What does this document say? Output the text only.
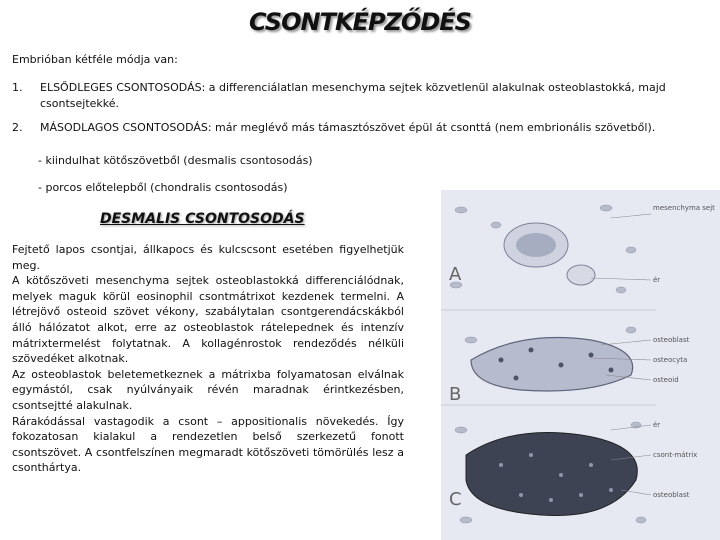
CSONTKÉPZŐDÉS
Embrióban kétféle módja van:
1. ELSŐDLEGES CSONTOSODÁS: a differenciálatlan mesenchyma sejtek közvetlenül alakulnak osteoblastokká, majd csontsejtekké.
2. MÁSODLAGOS CSONTOSODÁS: már meglévő más támasztószövet épül át csonttá (nem embrionális szövetből).
- kiindulhat kötőszövetből (desmalis csontosodás)
- porcos előtelepből (chondralis csontosodás)
DESMALIS CSONTOSODÁS

Fejtető lapos csontjai, állkapocs és kulcscsont esetében figyelhetjük meg.

A kötőszöveti mesenchyma sejtek osteoblastokká differenciálódnak, melyek maguk körül eosinophil csontmátrixot kezdenek termelni. A létrejövő osteoid szövet vékony, szabálytalan csontgerendácskákból álló hálózatot alkot, erre az osteoblastok rátelepednek és intenzív mátrixtermelést folytatnak. A kollagénrostok rendeződés nélküli szövedéket alkotnak.

Az osteoblastok beletemetkeznek a mátrixba folyamatosan elválnak egymástól, csak nyúlványaik révén maradnak érintkezésben, csontsejtté alakulnak.

Rárakódással vastagodik a csont – appositionalis növekedés. Így fokozatosan kialakul a rendezetlen belső szerkezetű fonott csontszövet. A csontfelszínen megmaradt kötőszöveti tömörülés lesz a csonthártya.

A
B
C
mesenchyma sejt
ér
osteoblast
osteocyta
osteoid
ér
csont-mátrix
osteoblast
